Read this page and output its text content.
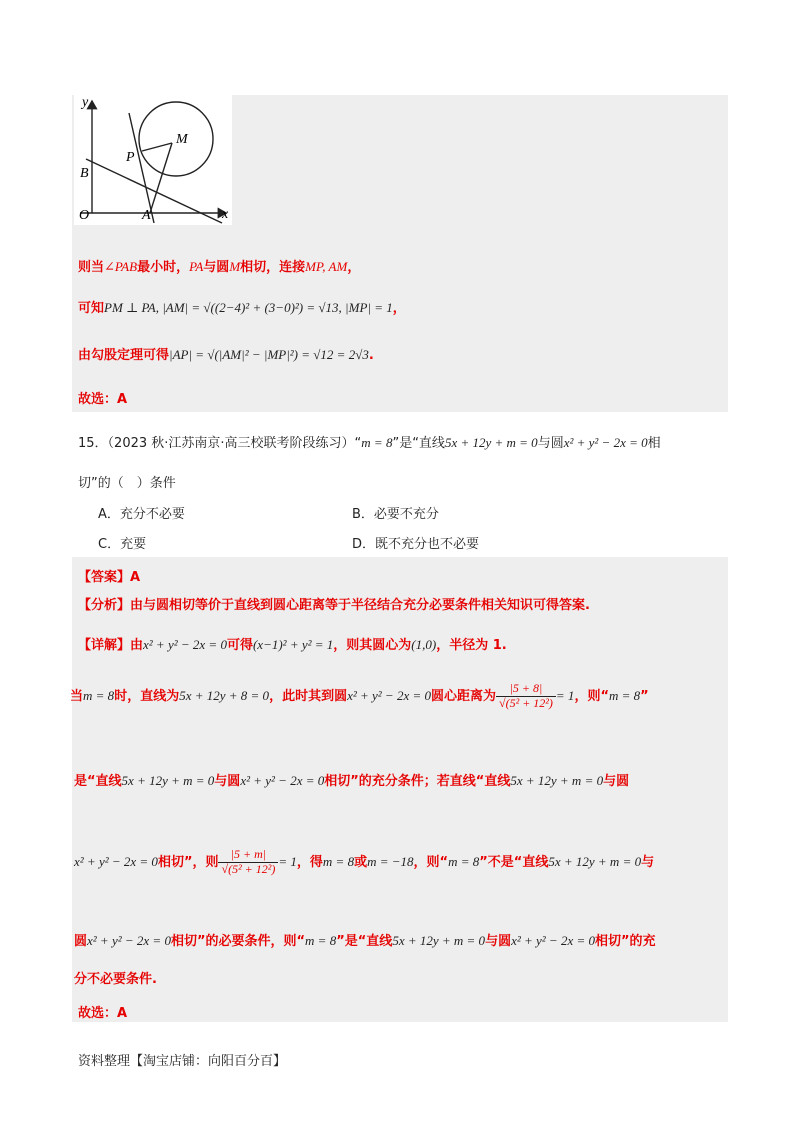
y
x
O	A
B
P
M
则当∠PAB最小时，PA与圆M相切，连接MP, AM，
可知PM ⊥ PA, |AM| = √((2−4)² + (3−0)²) = √13, |MP| = 1，
由勾股定理可得|AP| = √(|AM|² − |MP|²) = √12 = 2√3.
故选：A
15．（2023 秋·江苏南京·高三校联考阶段练习）“m = 8”是“直线5x + 12y + m = 0与圆x² + y² − 2x = 0相
切”的（　）条件
A．充分不必要	B．必要不充分
C．充要	D．既不充分也不必要
【答案】A
【分析】由与圆相切等价于直线到圆心距离等于半径结合充分必要条件相关知识可得答案.
【详解】由x² + y² − 2x = 0可得(x−1)² + y² = 1，则其圆心为(1,0)，半径为 1.
当m = 8时，直线为5x + 12y + 8 = 0，此时其到圆x² + y² − 2x = 0圆心距离为 $\frac{|5 + 8|}{\text{√(5² + 12²)}} = 1$，则“m = 8”
是“直线5x + 12y + m = 0与圆x² + y² − 2x = 0相切”的充分条件；若直线“直线5x + 12y + m = 0与圆
x² + y² − 2x = 0相切”，则 $\frac{|5 + m|}{\text{√(5² + 12²)}} = 1$，得m = 8或m = −18，则“m = 8”不是“直线5x + 12y + m = 0与
圆x² + y² − 2x = 0相切”的必要条件，则“m = 8”是“直线5x + 12y + m = 0与圆x² + y² − 2x = 0相切”的充
分不必要条件.
故选：A
资料整理【淘宝店铺：向阳百分百】
